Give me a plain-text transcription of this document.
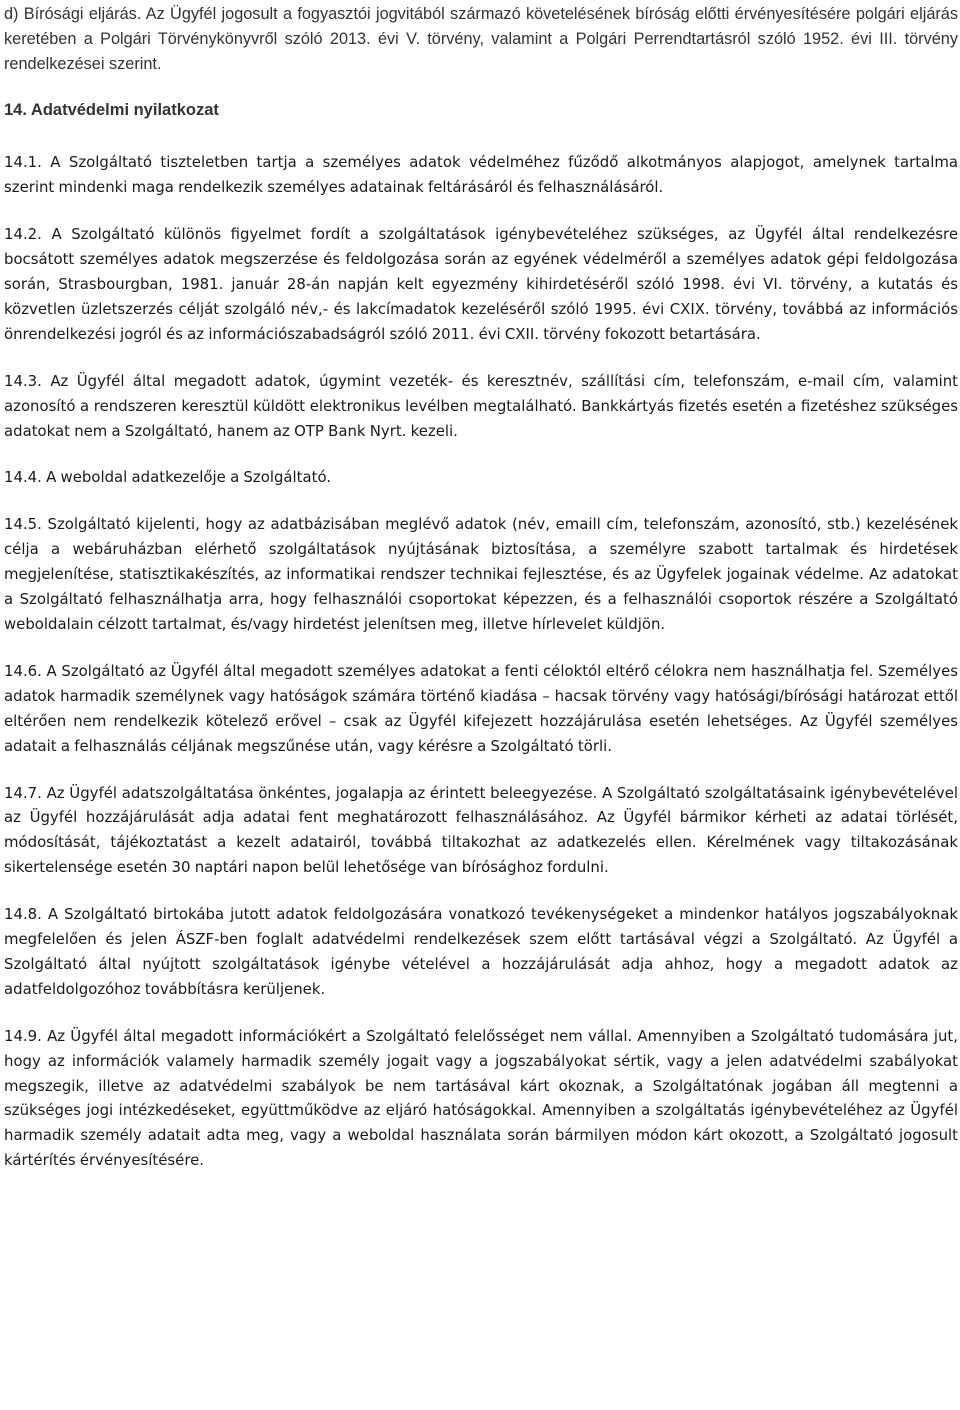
d) Bírósági eljárás. Az Ügyfél jogosult a fogyasztói jogvitából származó követelésének bíróság előtti érvényesítésére polgári eljárás keretében a Polgári Törvénykönyvről szóló 2013. évi V. törvény, valamint a Polgári Perrendtartásról szóló 1952. évi III. törvény rendelkezései szerint.

14. Adatvédelmi nyilatkozat

14.1. A Szolgáltató tiszteletben tartja a személyes adatok védelméhez fűződő alkotmányos alapjogot, amelynek tartalma szerint mindenki maga rendelkezik személyes adatainak feltárásáról és felhasználásáról.

14.2. A Szolgáltató különös figyelmet fordít a szolgáltatások igénybevételéhez szükséges, az Ügyfél által rendelkezésre bocsátott személyes adatok megszerzése és feldolgozása során az egyének védelméről a személyes adatok gépi feldolgozása során, Strasbourgban, 1981. január 28-án napján kelt egyezmény kihirdetéséről szóló 1998. évi VI. törvény, a kutatás és közvetlen üzletszerzés célját szolgáló név,- és lakcímadatok kezeléséről szóló 1995. évi CXIX. törvény, továbbá az információs önrendelkezési jogról és az információszabadságról szóló 2011. évi CXII. törvény fokozott betartására.

14.3. Az Ügyfél által megadott adatok, úgymint vezeték- és keresztnév, szállítási cím, telefonszám, e-mail cím, valamint azonosító a rendszeren keresztül küldött elektronikus levélben megtalálható. Bankkártyás fizetés esetén a fizetéshez szükséges adatokat nem a Szolgáltató, hanem az OTP Bank Nyrt. kezeli.

14.4. A weboldal adatkezelője a Szolgáltató.

14.5. Szolgáltató kijelenti, hogy az adatbázisában meglévő adatok (név, emaill cím, telefonszám, azonosító, stb.) kezelésének célja a webáruházban elérhető szolgáltatások nyújtásának biztosítása, a személyre szabott tartalmak és hirdetések megjelenítése, statisztikakészítés, az informatikai rendszer technikai fejlesztése, és az Ügyfelek jogainak védelme. Az adatokat a Szolgáltató felhasználhatja arra, hogy felhasználói csoportokat képezzen, és a felhasználói csoportok részére a Szolgáltató weboldalain célzott tartalmat, és/vagy hirdetést jelenítsen meg, illetve hírlevelet küldjön.

14.6. A Szolgáltató az Ügyfél által megadott személyes adatokat a fenti céloktól eltérő célokra nem használhatja fel. Személyes adatok harmadik személynek vagy hatóságok számára történő kiadása – hacsak törvény vagy hatósági/bírósági határozat ettől eltérően nem rendelkezik kötelező erővel – csak az Ügyfél kifejezett hozzájárulása esetén lehetséges. Az Ügyfél személyes adatait a felhasználás céljának megszűnése után, vagy kérésre a Szolgáltató törli.

14.7. Az Ügyfél adatszolgáltatása önkéntes, jogalapja az érintett beleegyezése. A Szolgáltató szolgáltatásaink igénybevételével az Ügyfél hozzájárulását adja adatai fent meghatározott felhasználásához. Az Ügyfél bármikor kérheti az adatai törlését, módosítását, tájékoztatást a kezelt adatairól, továbbá tiltakozhat az adatkezelés ellen. Kérelmének vagy tiltakozásának sikertelensége esetén 30 naptári napon belül lehetősége van bírósághoz fordulni.

14.8. A Szolgáltató birtokába jutott adatok feldolgozására vonatkozó tevékenységeket a mindenkor hatályos jogszabályoknak megfelelően és jelen ÁSZF-ben foglalt adatvédelmi rendelkezések szem előtt tartásával végzi a Szolgáltató. Az Ügyfél a Szolgáltató által nyújtott szolgáltatások igénybe vételével a hozzájárulását adja ahhoz, hogy a megadott adatok az adatfeldolgozóhoz továbbításra kerüljenek.

14.9. Az Ügyfél által megadott információkért a Szolgáltató felelősséget nem vállal. Amennyiben a Szolgáltató tudomására jut, hogy az információk valamely harmadik személy jogait vagy a jogszabályokat sértik, vagy a jelen adatvédelmi szabályokat megszegik, illetve az adatvédelmi szabályok be nem tartásával kárt okoznak, a Szolgáltatónak jogában áll megtenni a szükséges jogi intézkedéseket, együttműködve az eljáró hatóságokkal. Amennyiben a szolgáltatás igénybevételéhez az Ügyfél harmadik személy adatait adta meg, vagy a weboldal használata során bármilyen módon kárt okozott, a Szolgáltató jogosult kártérítés érvényesítésére.
